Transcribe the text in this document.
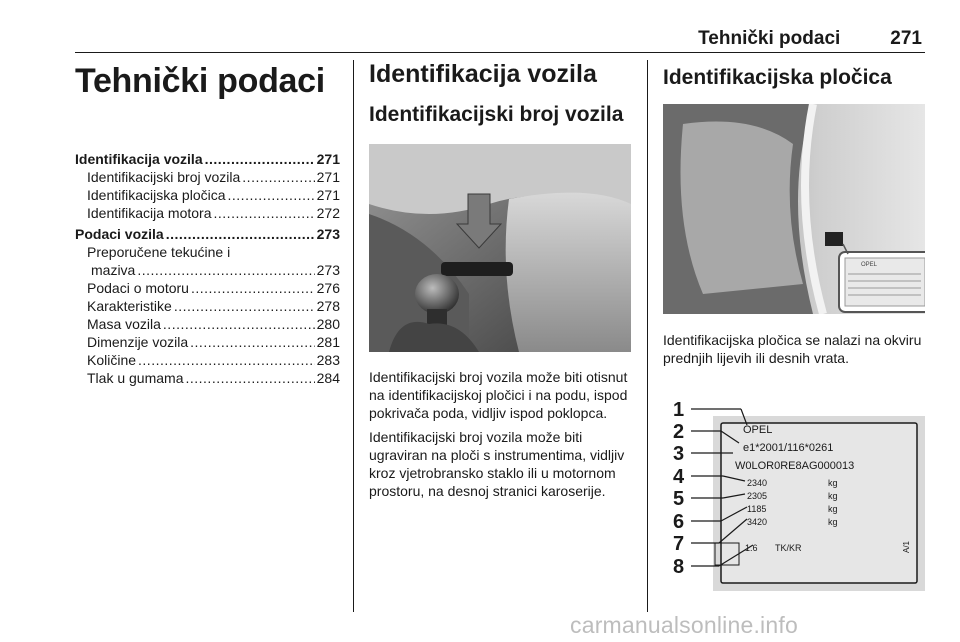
Tehnički podaci	271
Tehnički podaci
Identifikacija vozila .....	271
Identifikacijski broj vozila .....	271
Identifikacijska pločica .....	271
Identifikacija motora .....	272
Podaci vozila .....	273
Preporučene tekućine i
maziva .....	273
Podaci o motoru .....	276
Karakteristike .....	278
Masa vozila .....	280
Dimenzije vozila .....	281
Količine .....	283
Tlak u gumama .....	284
Identifikacija vozila
Identifikacijski broj vozila

Identifikacijski broj vozila može biti otisnut na identifikacijskoj pločici i na podu, ispod pokrivača poda, vidljiv ispod poklopca.

Identifikacijski broj vozila može biti ugraviran na ploči s instrumentima, vidljiv kroz vjetrobransko staklo ili u motornom prostoru, na desnoj stranici karoserije.

Identifikacijska pločica
OPEL

Identifikacijska pločica se nalazi na okviru prednjih lijevih ili desnih vrata.

OPEL
e1*2001/116*0261
W0LOR0RE8AG000013
2340
2305
1185
3420
kg
kg
kg
kg
1.6 TK/KR	A/1
1
2
3
4
5
6
7
8
carmanualsonline.info
